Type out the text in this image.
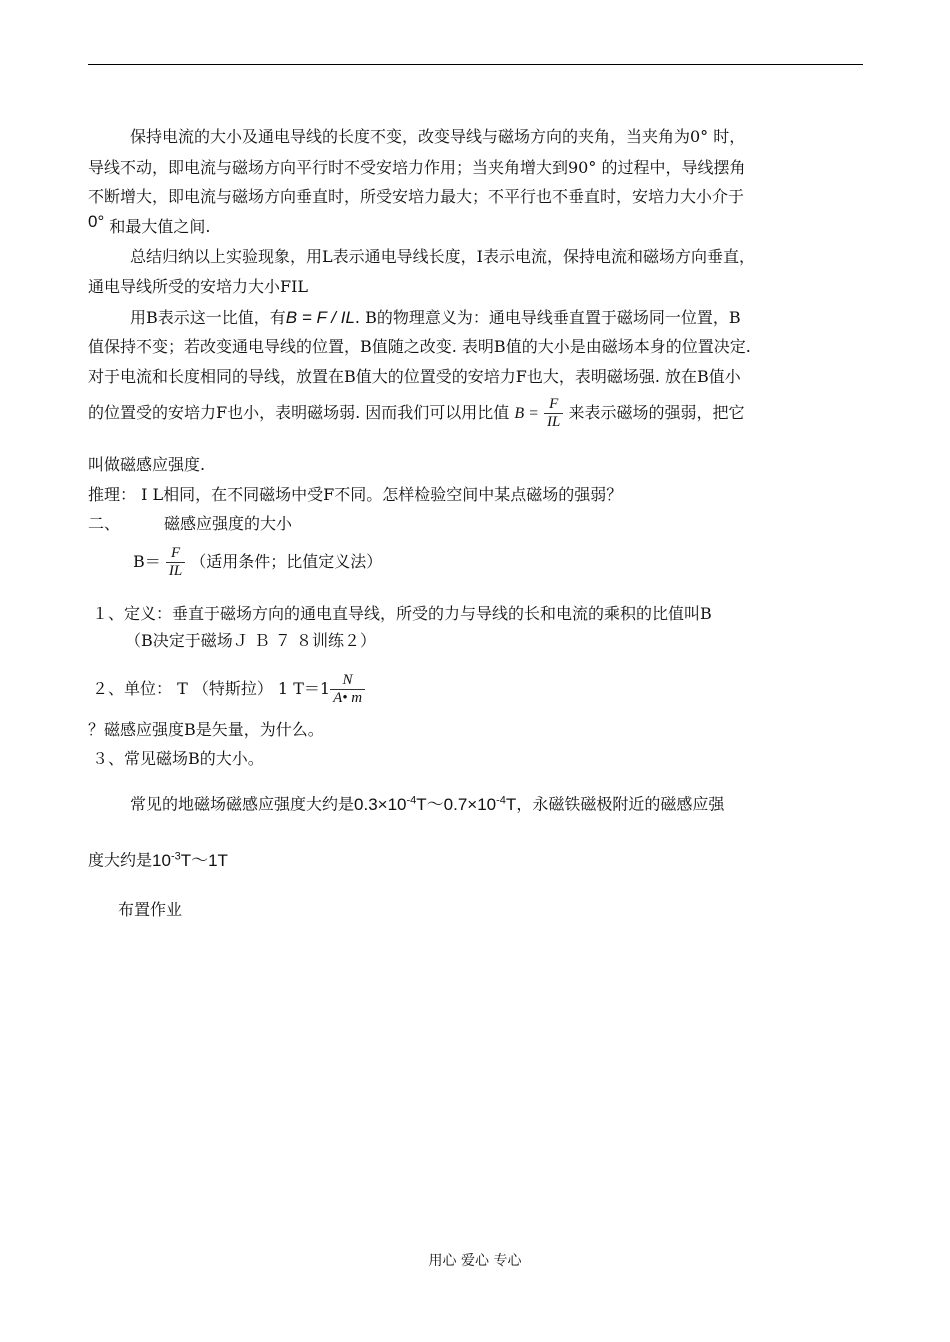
保持电流的大小及通电导线的长度不变，改变导线与磁场方向的夹角，当夹角为0° 时，
导线不动，即电流与磁场方向平行时不受安培力作用；当夹角增大到90° 的过程中，导线摆角
不断增大，即电流与磁场方向垂直时，所受安培力最大；不平行也不垂直时，安培力大小介于
0° 和最大值之间.
总结归纳以上实验现象，用L表示通电导线长度，I表示电流，保持电流和磁场方向垂直，
通电导线所受的安培力大小FIL
用B表示这一比值，有B = F / IL. B的物理意义为：通电导线垂直置于磁场同一位置，B
值保持不变；若改变通电导线的位置，B值随之改变. 表明B值的大小是由磁场本身的位置决定.
对于电流和长度相同的导线，放置在B值大的位置受的安培力F也大，表明磁场强. 放在B值小
的位置受的安培力F也小，表明磁场弱. 因而我们可以用比值 $B = \frac{F}{IL}$ 来表示磁场的强弱，把它
叫做磁感应强度.
推理： I L相同，在不同磁场中受F不同。怎样检验空间中某点磁场的强弱？
二、	磁感应强度的大小
$B= \frac{F}{IL}$ （适用条件；比值定义法）
１、定义：垂直于磁场方向的通电直导线，所受的力与导线的长和电流的乘积的比值叫B
（B决定于磁场Ｊ Ｂ ７ ８训练２）
２、单位： T （特斯拉） 1 $T=1 \frac{N}{A• m}$
？磁感应强度B是矢量，为什么。
３、常见磁场B的大小。
常见的地磁场磁感应强度大约是$0.3\times 10^{-4}T\sim 0.7\times 10^{-4}T$，永磁铁磁极附近的磁感应强
度大约是$10^{-3}T\sim 1T$
布置作业
用心 爱心 专心
